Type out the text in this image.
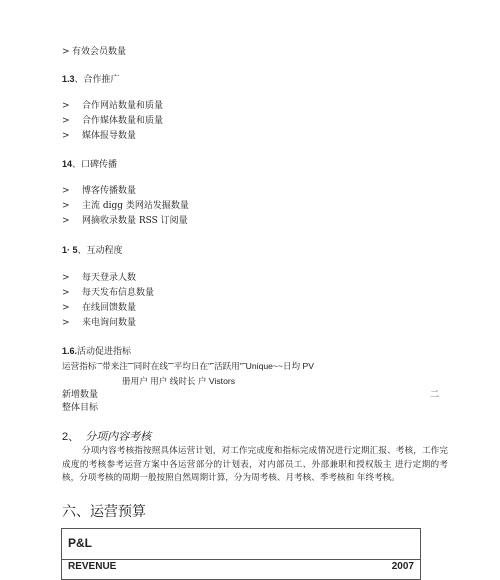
> 有效会员数量
1.3、合作推广
> 合作网站数量和质量
> 合作媒体数量和质量
> 媒体报导数量
14、口碑传播
> 博客传播数量
> 主流 digg 类网站发掘数量
> 网摘收录数量 RSS 订阅量
1· 5、互动程度
> 每天登录人数
> 每天发布信息数量
> 在线回馈数量
> 来电询问数量
1.6.活动促进指标
运营指标¨˜带来注˜˜同时在线˜˜平均日在"˜活跃用"˜Unique~~日均 PV
册用户 用户 线时长 户 Vistors
新增数量	二
整体目标
2、 分项内容考核
分项内容考核指按照具体运营计划，对工作完成度和指标完成情况进行定期汇报、考核，工作完成度的考核参考运营方案中各运营部分的计划表，对内部员工、外部兼职和授权版主 进行定期的考核，分项考核的周期一般按照自然周期计算，分为周考核、月考核、季考核和 年终考核。
六、运营预算
P&L
REVENUE	2007
